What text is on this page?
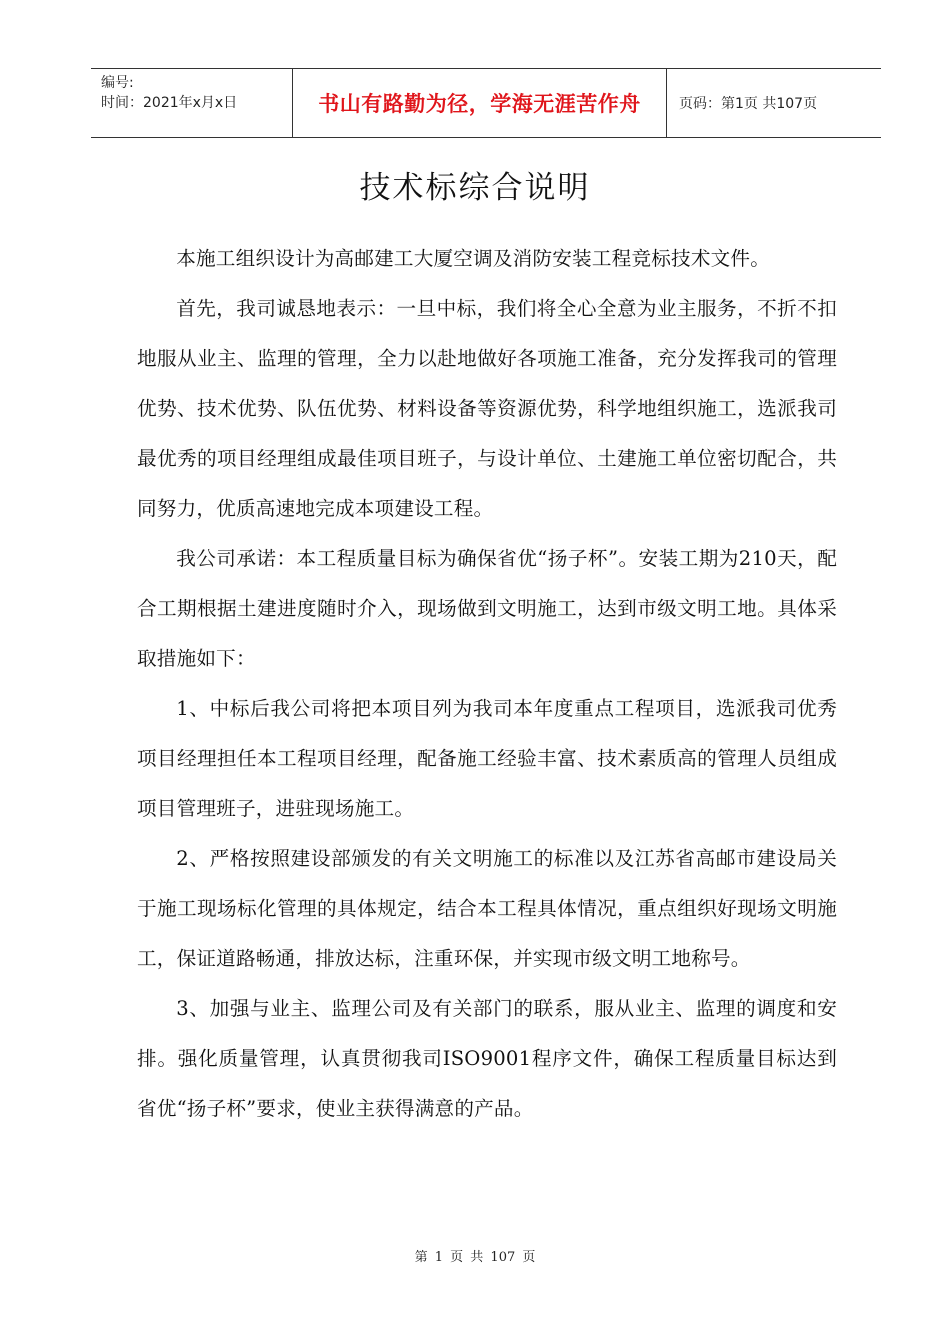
编号:
时间：2021年x月x日	书山有路勤为径，学海无涯苦作舟	页码：第1页 共107页
技术标综合说明

本施工组织设计为高邮建工大厦空调及消防安装工程竞标技术文件。

首先，我司诚恳地表示：一旦中标，我们将全心全意为业主服务，不折不扣地服从业主、监理的管理，全力以赴地做好各项施工准备，充分发挥我司的管理优势、技术优势、队伍优势、材料设备等资源优势，科学地组织施工，选派我司最优秀的项目经理组成最佳项目班子，与设计单位、土建施工单位密切配合，共同努力，优质高速地完成本项建设工程。

我公司承诺：本工程质量目标为确保省优“扬子杯”。安装工期为210天，配合工期根据土建进度随时介入，现场做到文明施工，达到市级文明工地。具体采取措施如下：

1、中标后我公司将把本项目列为我司本年度重点工程项目，选派我司优秀项目经理担任本工程项目经理，配备施工经验丰富、技术素质高的管理人员组成项目管理班子，进驻现场施工。

2、严格按照建设部颁发的有关文明施工的标准以及江苏省高邮市建设局关于施工现场标化管理的具体规定，结合本工程具体情况，重点组织好现场文明施工，保证道路畅通，排放达标，注重环保，并实现市级文明工地称号。

3、加强与业主、监理公司及有关部门的联系，服从业主、监理的调度和安排。强化质量管理，认真贯彻我司ISO9001程序文件，确保工程质量目标达到省优“扬子杯”要求，使业主获得满意的产品。

第 1 页 共 107 页
